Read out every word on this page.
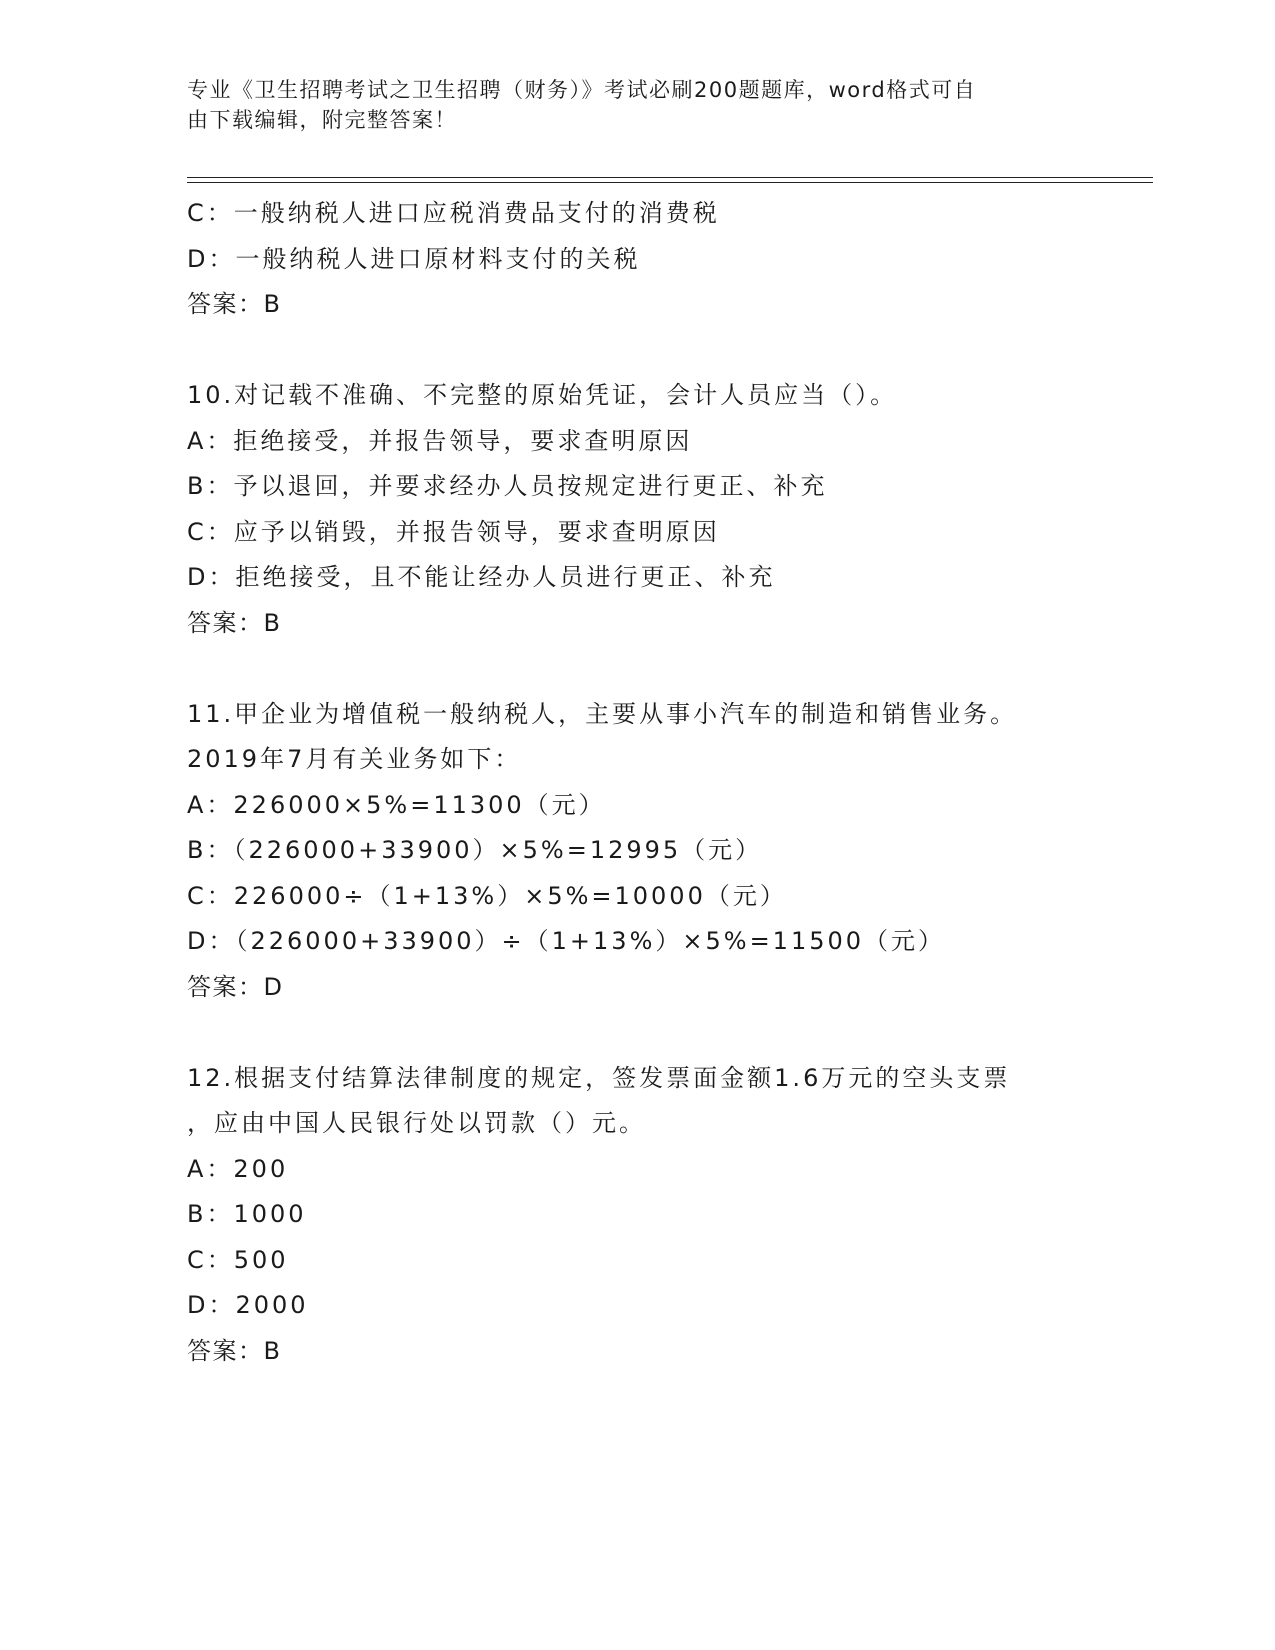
专业《卫生招聘考试之卫生招聘（财务）》考试必刷200题题库，word格式可自
由下载编辑，附完整答案！
C：一般纳税人进口应税消费品支付的消费税
D：一般纳税人进口原材料支付的关税
答案：B
10.对记载不准确、不完整的原始凭证，会计人员应当（）。
A：拒绝接受，并报告领导，要求查明原因
B：予以退回，并要求经办人员按规定进行更正、补充
C：应予以销毁，并报告领导，要求查明原因
D：拒绝接受，且不能让经办人员进行更正、补充
答案：B
11.甲企业为增值税一般纳税人，主要从事小汽车的制造和销售业务。
2019年7月有关业务如下：
A：226000×5%=11300（元）
B：（226000+33900）×5%=12995（元）
C：226000÷（1+13%）×5%=10000（元）
D：（226000+33900）÷（1+13%）×5%=11500（元）
答案：D
12.根据支付结算法律制度的规定，签发票面金额1.6万元的空头支票
，应由中国人民银行处以罚款（）元。
A：200
B：1000
C：500
D：2000
答案：B
